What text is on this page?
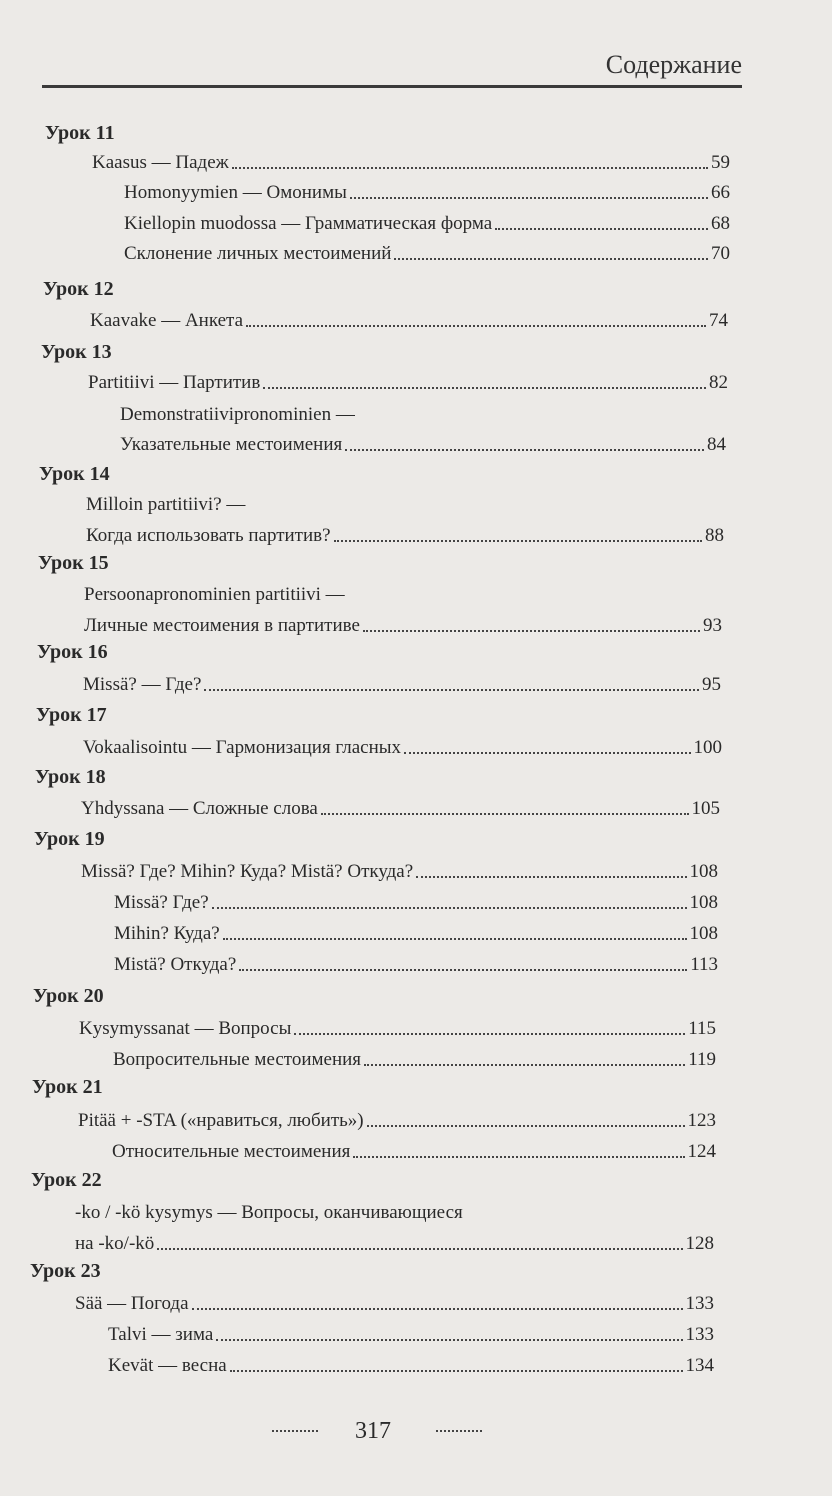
Содержание
Урок 11
Kaasus — Падеж	59
Homonyymien — Омонимы	66
Kiellopin muodossa — Грамматическая форма	68
Склонение личных местоимений	70
Урок 12
Kaavake — Анкета	74
Урок 13
Partitiivi — Партитив	82
Demonstratiivipronominien —
Указательные местоимения	84
Урок 14
Milloin partitiivi? —
Когда использовать партитив?	88
Урок 15
Persoonapronominien partitiivi —
Личные местоимения в партитиве	93
Урок 16
Missä? — Где?	95
Урок 17
Vokaalisointu — Гармонизация гласных	100
Урок 18
Yhdyssana — Сложные слова	105
Урок 19
Missä? Где? Mihin? Куда? Mistä? Откуда?	108
Missä? Где?	108
Mihin? Куда?	108
Mistä? Откуда?	113
Урок 20
Kysymyssanat — Вопросы	115
Вопросительные местоимения	119
Урок 21
Pitää + -STA («нравиться, любить»)	123
Относительные местоимения	124
Урок 22
-ko / -kö kysymys — Вопросы, оканчивающиеся
на -ko/-kö	128
Урок 23
Sää — Погода	133
Talvi — зима	133
Kevät — весна	134
317
